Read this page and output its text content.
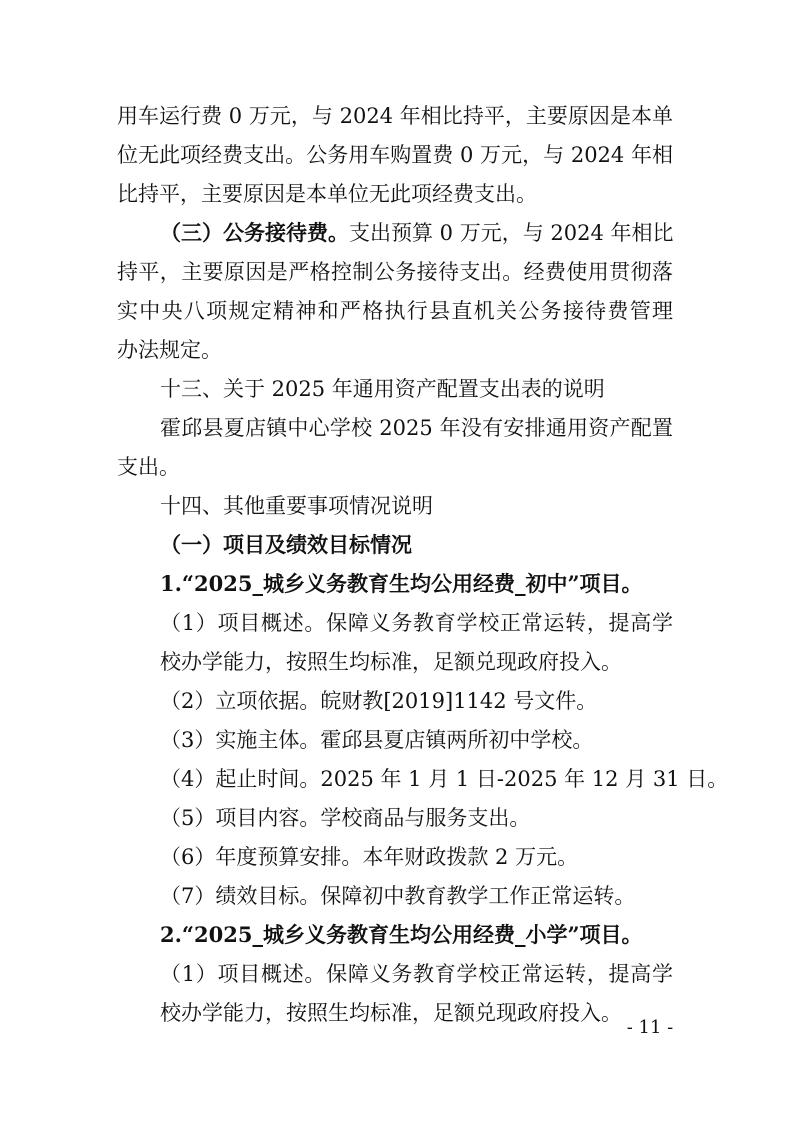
用车运行费 0 万元，与 2024 年相比持平，主要原因是本单
位无此项经费支出。公务用车购置费 0 万元，与 2024 年相
比持平，主要原因是本单位无此项经费支出。
（三）公务接待费。支出预算 0 万元，与 2024 年相比
持平，主要原因是严格控制公务接待支出。经费使用贯彻落
实中央八项规定精神和严格执行县直机关公务接待费管理
办法规定。
十三、关于 2025 年通用资产配置支出表的说明
霍邱县夏店镇中心学校 2025 年没有安排通用资产配置
支出。
十四、其他重要事项情况说明
（一）项目及绩效目标情况
1.“2025_城乡义务教育生均公用经费_初中”项目。
（1）项目概述。保障义务教育学校正常运转，提高学
校办学能力，按照生均标准，足额兑现政府投入。
（2）立项依据。皖财教[2019]1142 号文件。
（3）实施主体。霍邱县夏店镇两所初中学校。
（4）起止时间。2025 年 1 月 1 日-2025 年 12 月 31 日。
（5）项目内容。学校商品与服务支出。
（6）年度预算安排。本年财政拨款 2 万元。
（7）绩效目标。保障初中教育教学工作正常运转。
2.“2025_城乡义务教育生均公用经费_小学”项目。
（1）项目概述。保障义务教育学校正常运转，提高学
校办学能力，按照生均标准，足额兑现政府投入。
- 11 -
